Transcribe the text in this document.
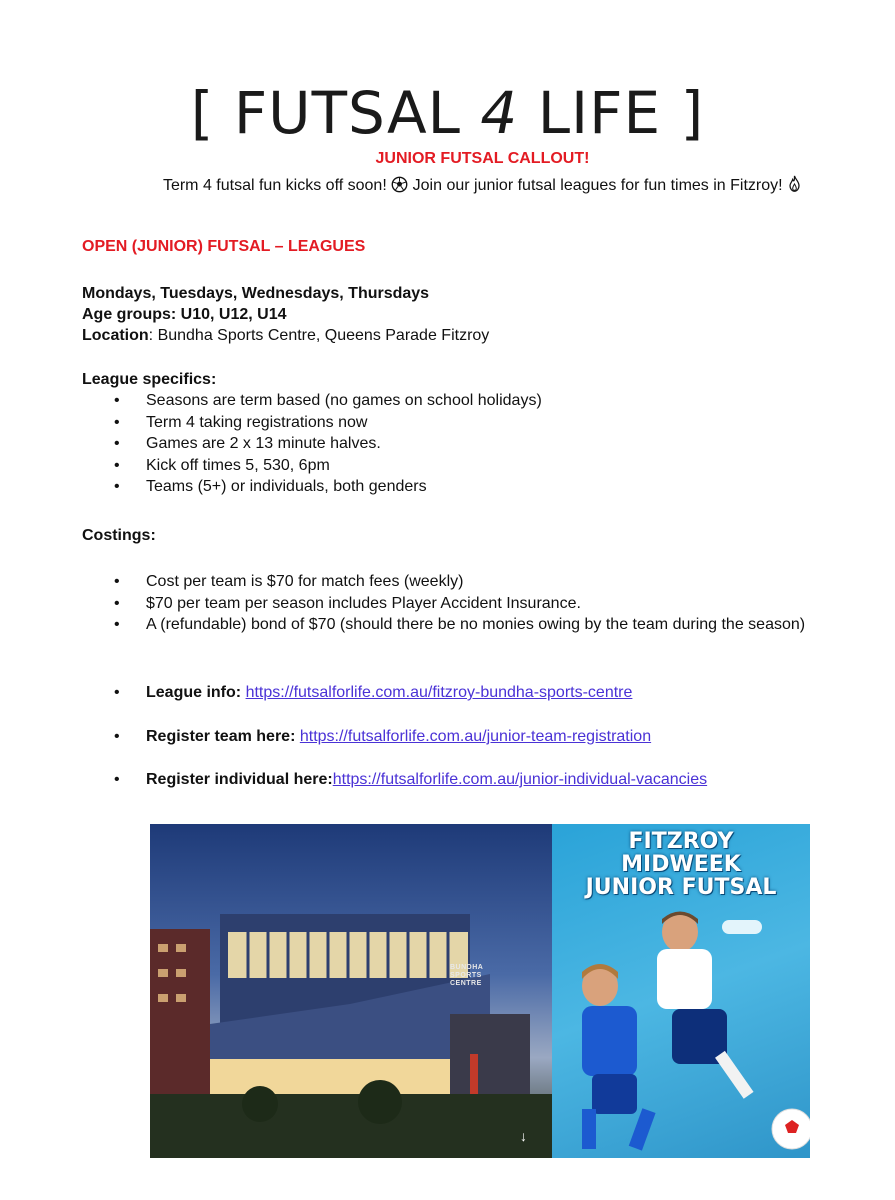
[ FUTSAL 4 LIFE ]
JUNIOR FUTSAL CALLOUT!
Term 4 futsal fun kicks off soon!  Join our junior futsal leagues for fun times in Fitzroy!
OPEN (JUNIOR) FUTSAL – LEAGUES
Mondays, Tuesdays, Wednesdays, Thursdays
Age groups: U10, U12, U14
Location: Bundha Sports Centre, Queens Parade Fitzroy
League specifics:
• Seasons are term based (no games on school holidays)
• Term 4 taking registrations now
• Games are 2 x 13 minute halves.
• Kick off times 5, 530, 6pm
• Teams (5+) or individuals, both genders
Costings:
• Cost per team is $70 for match fees (weekly)
• $70 per team per season includes Player Accident Insurance.
• A (refundable) bond of $70 (should there be no monies owing by the team during the season)
• League info: https://futsalforlife.com.au/fitzroy-bundha-sports-centre
• Register team here: https://futsalforlife.com.au/junior-team-registration
• Register individual here:https://futsalforlife.com.au/junior-individual-vacancies
BUNDHA
SPORTS
CENTRE
↓
FITZROY
MIDWEEK
JUNIOR FUTSAL
